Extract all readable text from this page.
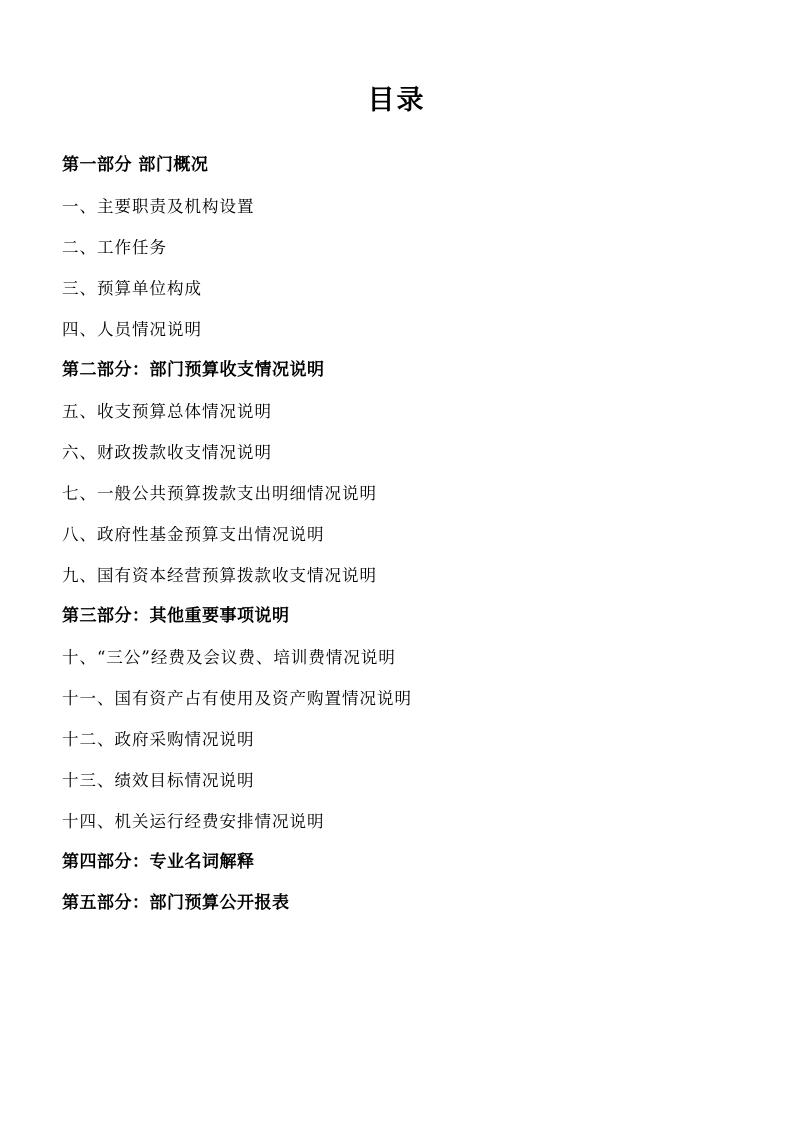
目录
第一部分 部门概况
一、主要职责及机构设置
二、工作任务
三、预算单位构成
四、人员情况说明
第二部分：部门预算收支情况说明
五、收支预算总体情况说明
六、财政拨款收支情况说明
七、一般公共预算拨款支出明细情况说明
八、政府性基金预算支出情况说明
九、国有资本经营预算拨款收支情况说明
第三部分：其他重要事项说明
十、“三公”经费及会议费、培训费情况说明
十一、国有资产占有使用及资产购置情况说明
十二、政府采购情况说明
十三、绩效目标情况说明
十四、机关运行经费安排情况说明
第四部分：专业名词解释
第五部分：部门预算公开报表
